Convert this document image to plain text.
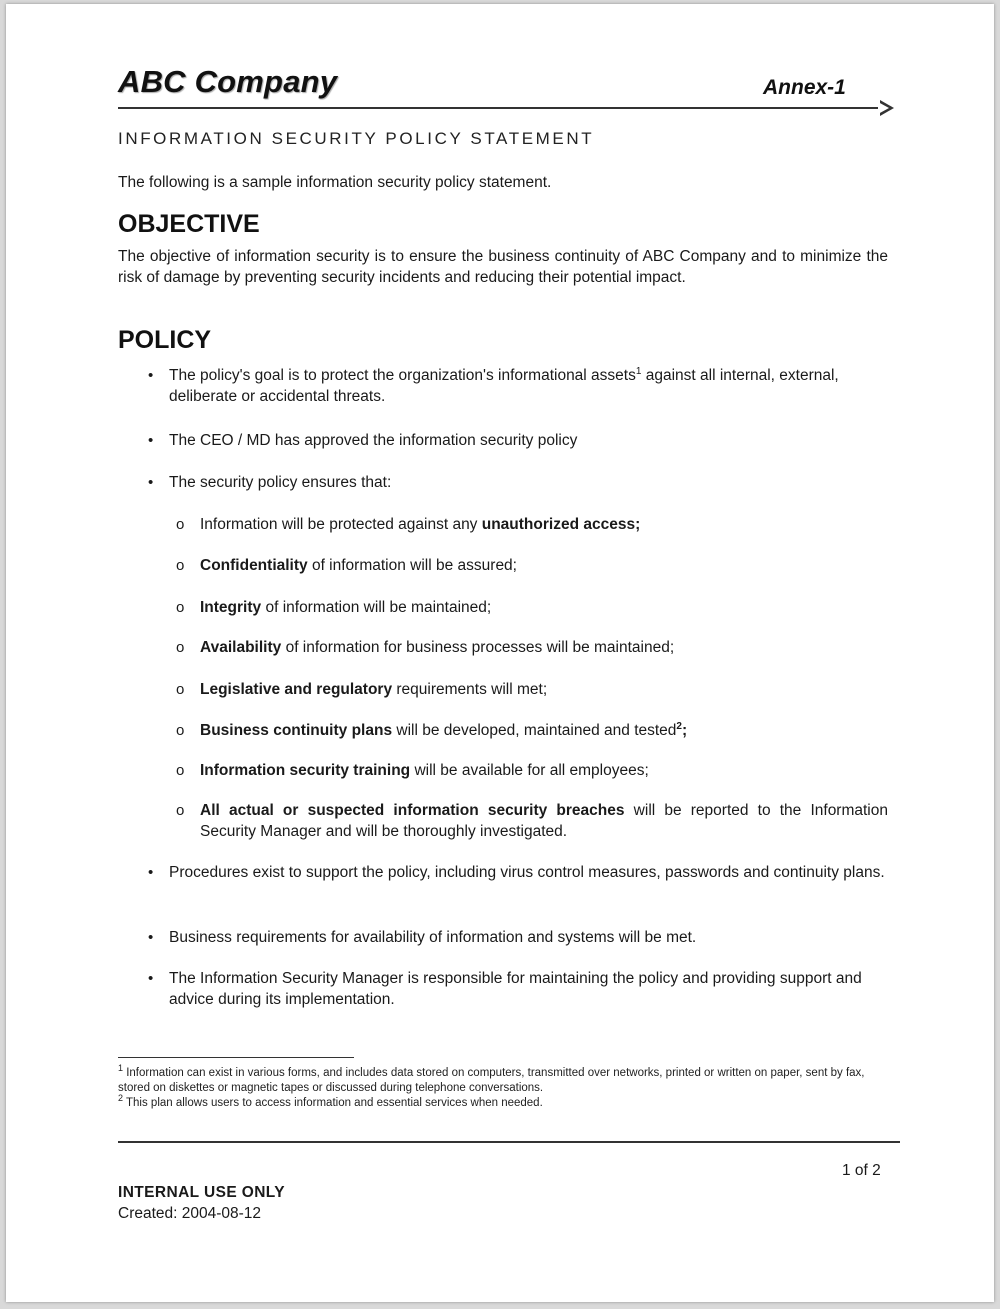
ABC Company	Annex-1
INFORMATION SECURITY POLICY STATEMENT
The following is a sample information security policy statement.
OBJECTIVE
The objective of information security is to ensure the business continuity of ABC Company and to minimize the risk of damage by preventing security incidents and reducing their potential impact.
POLICY
• The policy's goal is to protect the organization's informational assets$^1$ against all internal, external, deliberate or accidental threats.
• The CEO / MD has approved the information security policy
• The security policy ensures that:
o Information will be protected against any unauthorized access;
o Confidentiality of information will be assured;
o Integrity of information will be maintained;
o Availability of information for business processes will be maintained;
o Legislative and regulatory requirements will met;
o Business continuity plans will be developed, maintained and tested$^2$;
o Information security training will be available for all employees;
o All actual or suspected information security breaches will be reported to the Information Security Manager and will be thoroughly investigated.
• Procedures exist to support the policy, including virus control measures, passwords and continuity plans.
• Business requirements for availability of information and systems will be met.
• The Information Security Manager is responsible for maintaining the policy and providing support and advice during its implementation.
$^1$ Information can exist in various forms, and includes data stored on computers, transmitted over networks, printed or written on paper, sent by fax, stored on diskettes or magnetic tapes or discussed during telephone conversations.
$^2$ This plan allows users to access information and essential services when needed.
1 of 2
INTERNAL USE ONLY
Created: 2004-08-12
